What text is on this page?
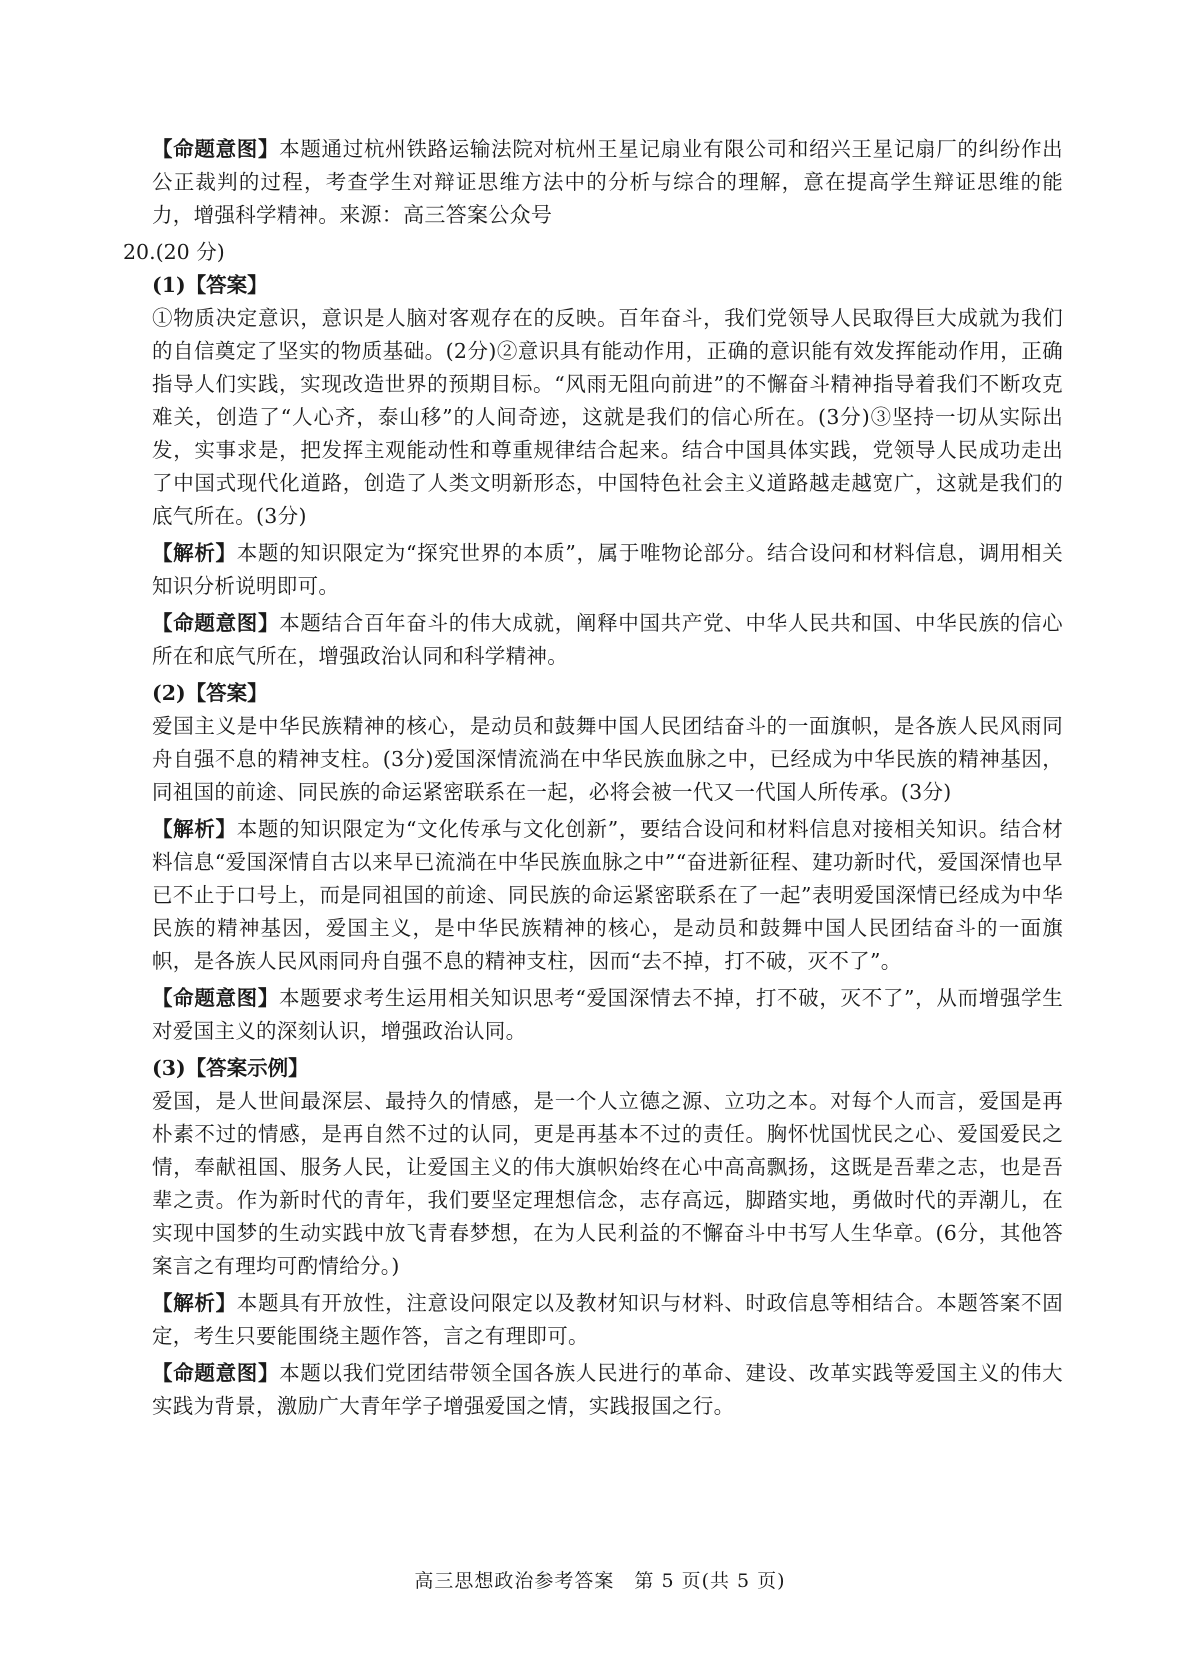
【命题意图】本题通过杭州铁路运输法院对杭州王星记扇业有限公司和绍兴王星记扇厂的纠纷作出公正裁判的过程，考查学生对辩证思维方法中的分析与综合的理解，意在提高学生辩证思维的能力，增强科学精神。来源：高三答案公众号

20.(20 分)
(1)【答案】

①物质决定意识，意识是人脑对客观存在的反映。百年奋斗，我们党领导人民取得巨大成就为我们的自信奠定了坚实的物质基础。(2分)②意识具有能动作用，正确的意识能有效发挥能动作用，正确指导人们实践，实现改造世界的预期目标。“风雨无阻向前进”的不懈奋斗精神指导着我们不断攻克难关，创造了“人心齐，泰山移”的人间奇迹，这就是我们的信心所在。(3分)③坚持一切从实际出发，实事求是，把发挥主观能动性和尊重规律结合起来。结合中国具体实践，党领导人民成功走出了中国式现代化道路，创造了人类文明新形态，中国特色社会主义道路越走越宽广，这就是我们的底气所在。(3分)

【解析】本题的知识限定为“探究世界的本质”，属于唯物论部分。结合设问和材料信息，调用相关知识分析说明即可。

【命题意图】本题结合百年奋斗的伟大成就，阐释中国共产党、中华人民共和国、中华民族的信心所在和底气所在，增强政治认同和科学精神。

(2)【答案】

爱国主义是中华民族精神的核心，是动员和鼓舞中国人民团结奋斗的一面旗帜，是各族人民风雨同舟自强不息的精神支柱。(3分)爱国深情流淌在中华民族血脉之中，已经成为中华民族的精神基因，同祖国的前途、同民族的命运紧密联系在一起，必将会被一代又一代国人所传承。(3分)

【解析】本题的知识限定为“文化传承与文化创新”，要结合设问和材料信息对接相关知识。结合材料信息“爱国深情自古以来早已流淌在中华民族血脉之中”“奋进新征程、建功新时代，爱国深情也早已不止于口号上，而是同祖国的前途、同民族的命运紧密联系在了一起”表明爱国深情已经成为中华民族的精神基因，爱国主义，是中华民族精神的核心，是动员和鼓舞中国人民团结奋斗的一面旗帜，是各族人民风雨同舟自强不息的精神支柱，因而“去不掉，打不破，灭不了”。

【命题意图】本题要求考生运用相关知识思考“爱国深情去不掉，打不破，灭不了”，从而增强学生对爱国主义的深刻认识，增强政治认同。

(3)【答案示例】

爱国，是人世间最深层、最持久的情感，是一个人立德之源、立功之本。对每个人而言，爱国是再朴素不过的情感，是再自然不过的认同，更是再基本不过的责任。胸怀忧国忧民之心、爱国爱民之情，奉献祖国、服务人民，让爱国主义的伟大旗帜始终在心中高高飘扬，这既是吾辈之志，也是吾辈之责。作为新时代的青年，我们要坚定理想信念，志存高远，脚踏实地，勇做时代的弄潮儿，在实现中国梦的生动实践中放飞青春梦想，在为人民利益的不懈奋斗中书写人生华章。(6分，其他答案言之有理均可酌情给分。)

【解析】本题具有开放性，注意设问限定以及教材知识与材料、时政信息等相结合。本题答案不固定，考生只要能围绕主题作答，言之有理即可。

【命题意图】本题以我们党团结带领全国各族人民进行的革命、建设、改革实践等爱国主义的伟大实践为背景，激励广大青年学子增强爱国之情，实践报国之行。

高三思想政治参考答案　第 5 页(共 5 页)
